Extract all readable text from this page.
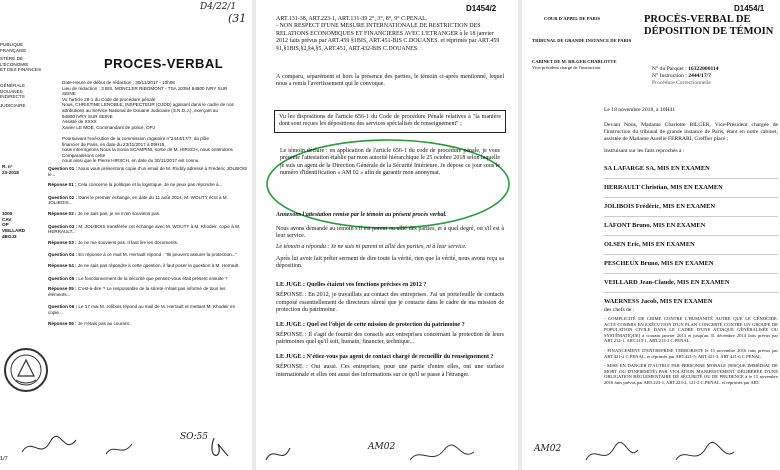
PUBLIQUE FRANÇAISE
STÈRE DE L'ÉCONOMIE
ET DES FINANCES
GÉNÉRALE
DOUANES
INDIRECTS
JUDICIAIRE
D4/22/1
(31
PROCES-VERBAL
Date-Heure de début de rédaction : 30/11/2017 - 10h08
Lieu de rédaction : 3 BIS, MONCLER RIBOMONT - TSA 10394 94800 IVRY SUR SEINE
Vu l'article 28-1 du Code de procédure pénale
Nous, CHRISTINE LENOBLE, INSPECTEUR (OJDD) agissant dans le cadre de nos
attributions au Service National de Douane Judiciaire (S.N.D.J.), exerçant au
94800 IVRY SUR SEINE
Assisté de XXXX
Xavier LE MOE, Commandant de police, OPJ
Poursuivant l'exécution de la commission rogatoire n°2444/17/7, du pôle
financier de Paris, en date du 23/11/2017 à 09H15,
nous interrogeons Nous la Sonia SCAMPINI, sortie de M. HIRSCH, nous entendons
Comparaissons cette
nous ainsi que le Pierre HIRSCH, en date du 30/11/2017 est connu.
R. n°
23-2018
1000
CAV
OP
VEILLARD
4BOJ3
Question 01 : Nous vous présentons copie d'un email de M. Roddy adressé à Fréderic JOLIBOIS le...
Réponse 01 : Cela concerne la politique et la logistique. Je ne peux pas répondre à...
Question 02 : Dans le premier échange, en date du 11 août 2014, M. WOUTY écrit à M. JOLIBOIS...
Réponse 02 : Je ne sais pas, je ne m'en souviens pas.
Question 03 : M. JOLIBOIS transférée cet échange avec M. WOUTY à M. Khodeir, copie à M. HERRAULT...
Réponse 03 : Je ne me souviens pas. Il faut lire les documents.
Question 04 : En réponse à ce mail M. Herrault répond : "Ils peuvent assurer la protection..."
Réponse 04 : Je ne sais pas répondre à cette question, il faut poser la question à M. Herrault.
Question 05 : Le fonctionnement de la sécurité que pensez-vous était présent ensuite ?
Réponse 05 : C'est-à-dire ? Le responsable de la sûreté n'était pas informé de tous les éléments...
Question 06 : Le 17 mai M. Jolibois répond au mail de M. Herrault et mettant M. Khodeir en copie...
Réponse 06 : Je n'étais pas au courant.
SO:55
1/7
D1454/2
ART.131-38, ART.223-1, ART.131-39 2°, 3°, 8°, 9° C.PENAL.
- NON RESPECT D'UNE MESURE INTERNATIONALE DE RESTRICTION DES
RELATIONS ECONOMIQUES ET FINANCIERES AVEC L'ETRANGER à le 18 janvier
2012 faits prévus par ART.459 §1BIS, ART.451-BIS C.DOUANES. et réprimés par ART.459
§1,§1BIS,§2,§4,§5, ART.451, ART.432-BIS C.DOUANES.
A comparu, séparément et hors la présence des parties, le témoin ci-après mentionné, lequel nous a remis l'avertissement qui le convoque.
Vu les dispositions de l'article 656-1 du Code de procédure Pénale relatives à "la manière dont sont reçues les dépositions des services spécialisés de renseignement" ;
Le témoin déclare : en application de l'article 656-1 du code de procédure pénale, je vous présente l'attestation établie par mon autorité hiérarchique le 25 octobre 2018 selon laquelle je suis un agent de la Direction Générale de la Sécurité Intérieure. Je dépose ce jour sous le numéro d'identification « AM 02 » afin de garantir mon anonymat.
Annexons l'attestation remise par le témoin au présent procès verbal.
Nous avons demandé au témoin s'il est parent ou allié des parties, et à quel degré, ou s'il est à leur service.
Le témoin a répondu : Je ne suis ni parent ni allié des parties, ni à leur service.
Après lui avoir fait prêter serment de dire toute la vérité, rien que la vérité, nous avons reçu sa déposition.
LE JUGE : Quelles étaient vos fonctions précises en 2012 ?
RÉPONSE : En 2012, je travaillais au contact des entreprises. J'ai un portefeuille de contacts composé essentiellement de directeurs sûreté que je contacte dans le cadre de ma mission de protection du patrimoine.
LE JUGE : Quel est l'objet de cette mission de protection du patrimoine ?
RÉPONSE : Il s'agit de fournir des conseils aux entreprises concernant la protection de leurs patrimoines quel qu'il soit, humain, financier, technique...
LE JUGE : N'étiez-vous pas agent de contact chargé de recueillir du renseignement ?
RÉPONSE : Oui aussi. Ces entreprises, pour une partie d'entre elles, ont une surface internationale et elles ont aussi des informations sur ce qu'il se passe à l'étranger.
AM02
D1454/1
COUR D'APPEL DE PARIS
TRIBUNAL DE GRANDE INSTANCE DE PARIS
CABINET DE M. BILGER CHARLOTTE
Vice-président chargé de l'instruction
PROCÈS-VERBAL DE
DÉPOSITION DE TÉMOIN
N° du Parquet : 16322000114
N° Instruction : 2444/17/7
Procédure Correctionnelle
Le 18 novembre 2018, à 10H41
Devant Nous, Madame Charlotte BILGER, Vice-Président chargée de l'instruction du tribunal de grande instance de Paris, étant en notre cabinet, assistée de Madame Aurélie FERRARI, Greffier placé ;
Instruisant sur les faits reprochés à :
SA LAFARGE SA, MIS EN EXAMEN
HERRAULT Christian, MIS EN EXAMEN
JOLIBOIS Frédéric, MIS EN EXAMEN
LAFONT Bruno, MIS EN EXAMEN
OLSEN Eric, MIS EN EXAMEN
PESCHEUX Bruno, MIS EN EXAMEN
VEILLARD Jean-Claude, MIS EN EXAMEN
WAERNESS Jacob, MIS EN EXAMEN
des chefs de :
- COMPLICITÉ DE CRIME CONTRE L'HUMANITÉ AUTRE QUE LE GÉNOCIDE, ACTE COMMIS EN EXÉCUTION D'UN PLAN CONCERTÉ CONTRE UN GROUPE DE POPULATION CIVILE DANS LE CADRE D'UNE ATTAQUE GÉNÉRALISÉE OU SYSTÉMATIQUE) à courant janvier 2013 et jusqu'au 31 décembre 2014 faits prévus par ART.212-1, ART.213-1, ART.213-2 C.PENAL.
- FINANCEMENT D'ENTREPRISE TERRORISTE le 15 novembre 2016 faits prévus par ART.421-2 C.PENAL, et réprimés par ART.421-5, ART.421-3, ART.421-6 C.PENAL.
- MISE EN DANGER D'AUTRUI PAR PERSONNE MORALE (RISQUE IMMÉDIAT DE MORT OU D'INFIRMITÉ) PAR VIOLATION MANIFESTEMENT DÉLIBÉRÉE D'UNE OBLIGATION RÉGLEMENTAIRE DE SÉCURITÉ OU DE PRUDENCE à le 15 novembre 2016 faits prévus par ART.223-1, ART.223-2, 121-2 C.PENAL. et réprimés par ART.
AM02
